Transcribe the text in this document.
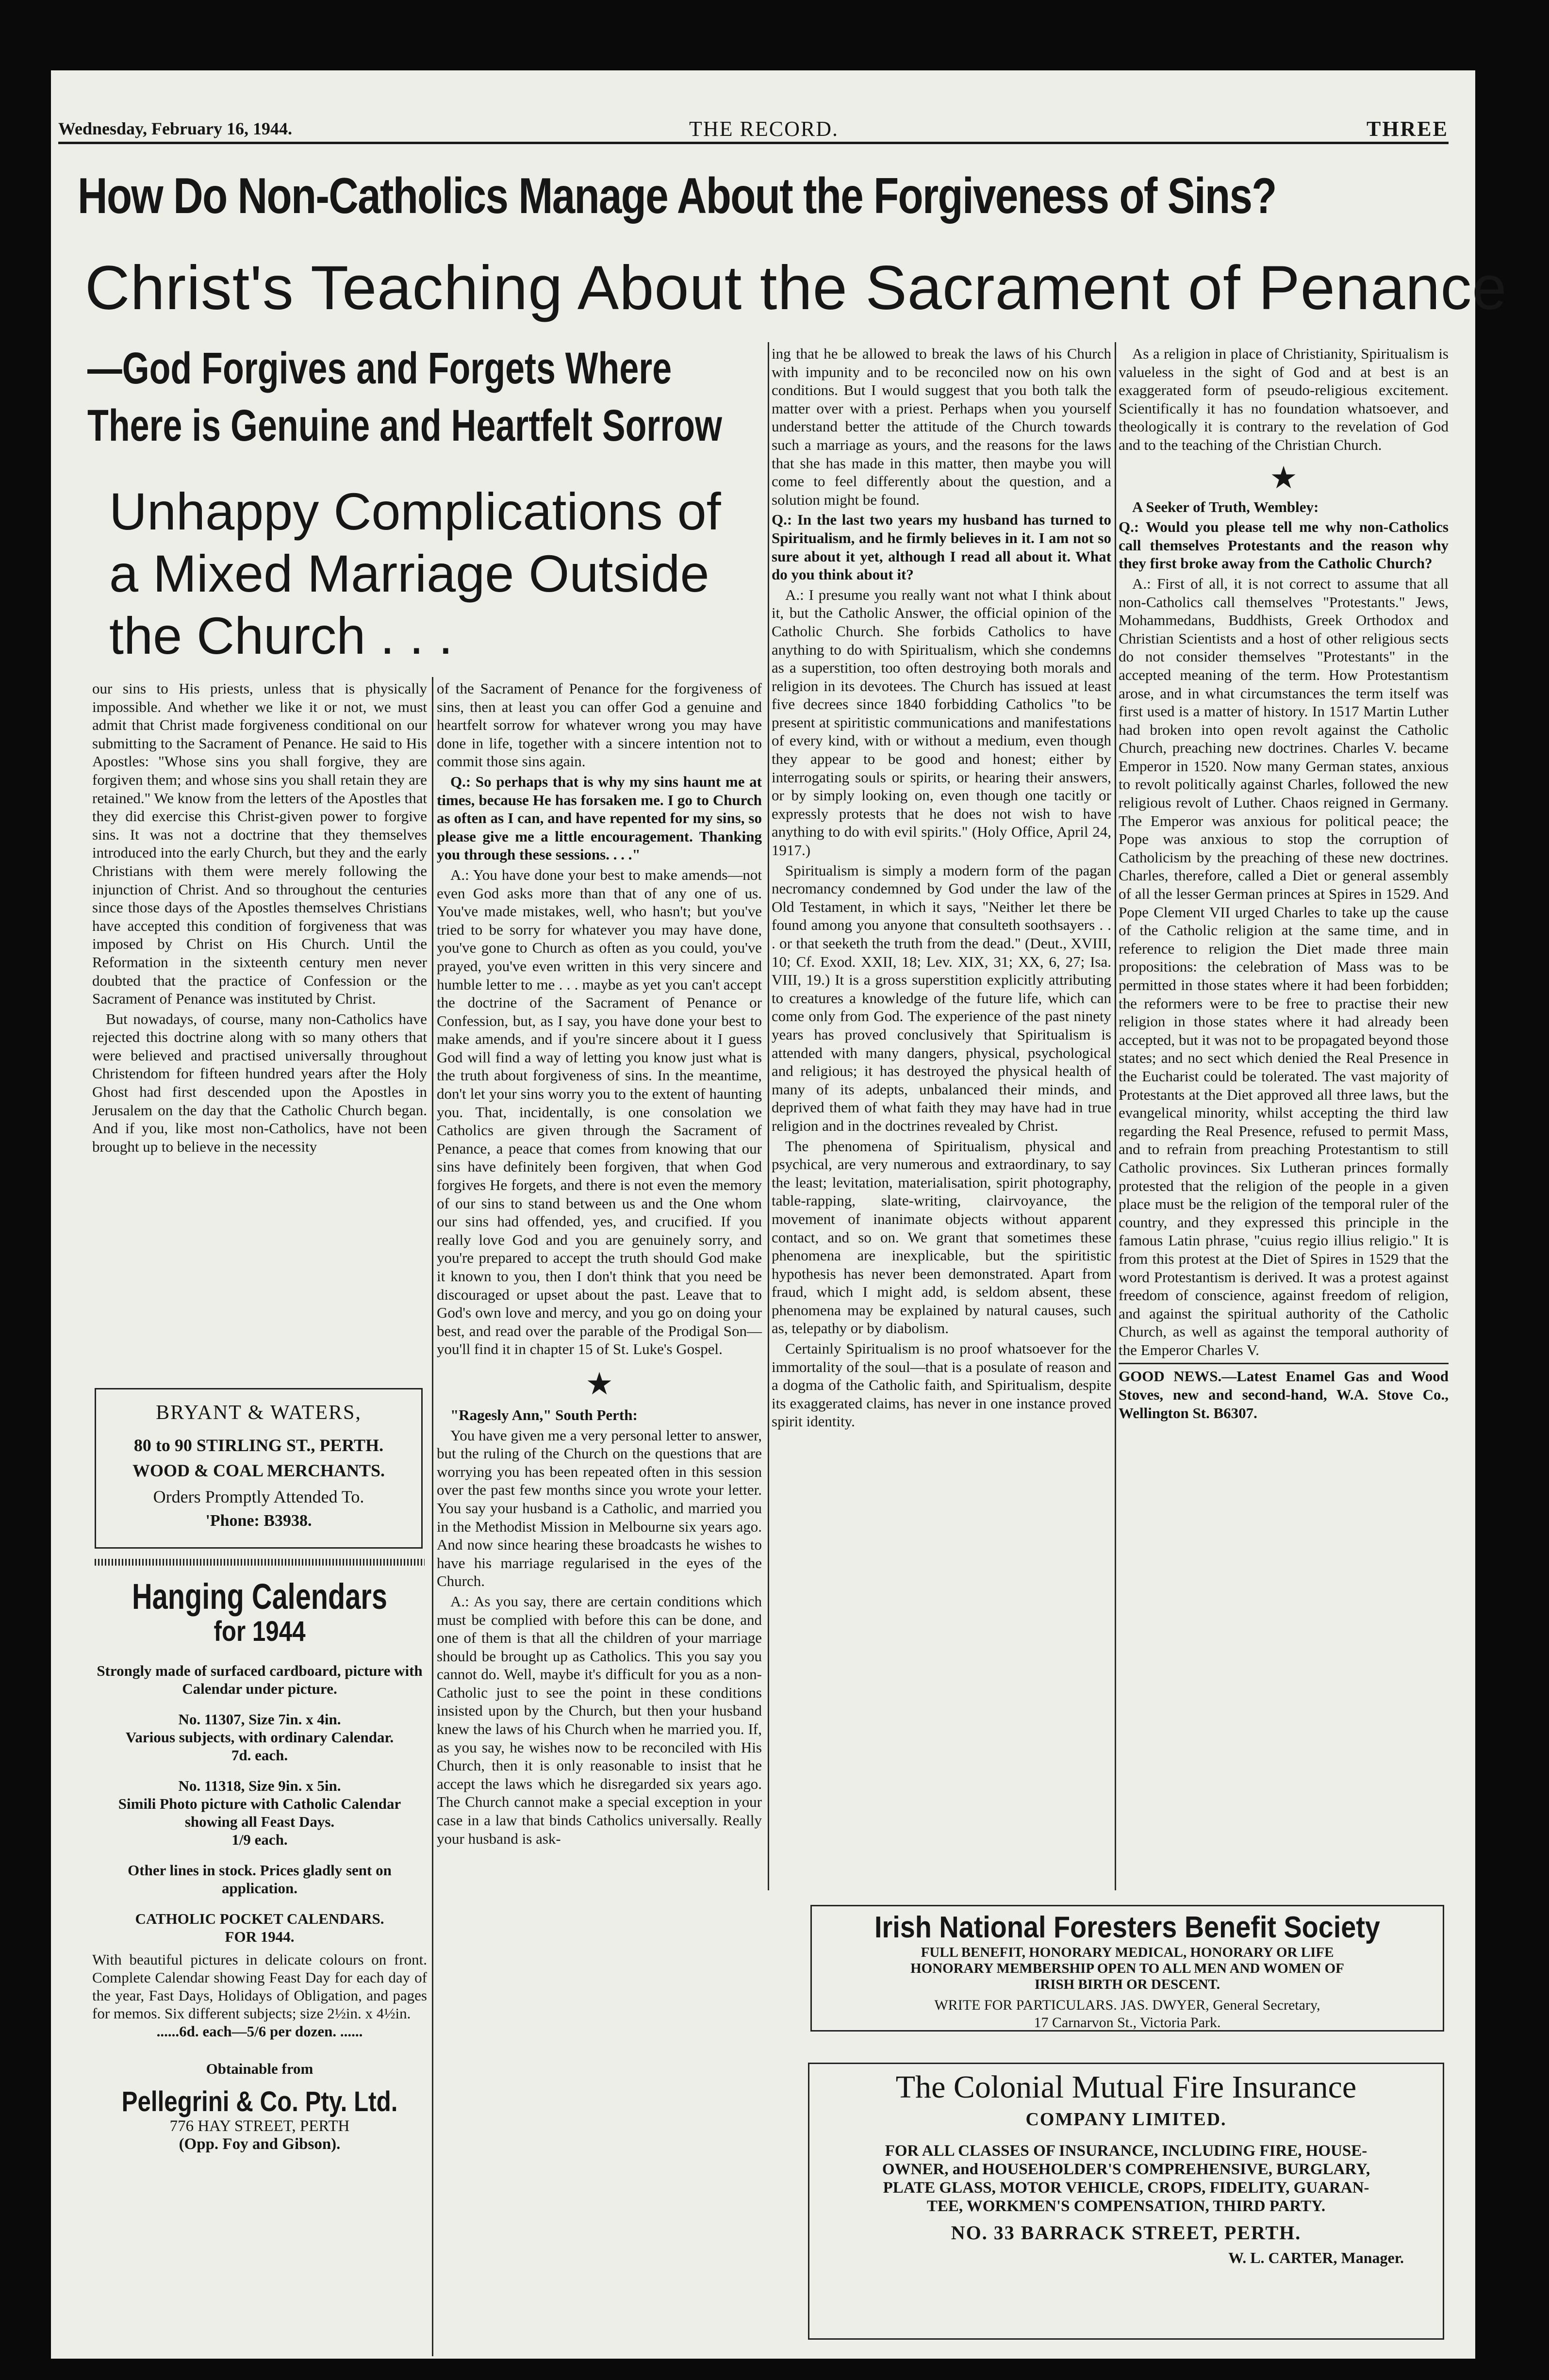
Wednesday, February 16, 1944.	THE RECORD.	THREE
How Do Non-Catholics Manage About the Forgiveness of Sins?
Christ's Teaching About the Sacrament of Penance
—God Forgives and Forgets Where There is Genuine and Heartfelt Sorrow
Unhappy Complications of a Mixed Marriage Outside the Church . . .

our sins to His priests, unless that is physically impossible. And whether we like it or not, we must admit that Christ made forgiveness conditional on our submitting to the Sacrament of Penance. He said to His Apostles: "Whose sins you shall forgive, they are forgiven them; and whose sins you shall retain they are retained." We know from the letters of the Apostles that they did exercise this Christ-given power to forgive sins. It was not a doctrine that they themselves introduced into the early Church, but they and the early Christians with them were merely following the injunction of Christ. And so throughout the centuries since those days of the Apostles themselves Christians have accepted this condition of forgiveness that was imposed by Christ on His Church. Until the Reformation in the sixteenth century men never doubted that the practice of Confession or the Sacrament of Penance was instituted by Christ.

But nowadays, of course, many non-Catholics have rejected this doctrine along with so many others that were believed and practised universally throughout Christendom for fifteen hundred years after the Holy Ghost had first descended upon the Apostles in Jerusalem on the day that the Catholic Church began. And if you, like most non-Catholics, have not been brought up to believe in the necessity

BRYANT & WATERS,
80 to 90 STIRLING ST., PERTH.
WOOD & COAL MERCHANTS.
Orders Promptly Attended To.
'Phone: B3938.
Hanging Calendars
for 1944
Strongly made of surfaced cardboard, picture with Calendar under picture.
No. 11307, Size 7in. x 4in.
Various subjects, with ordinary Calendar.
7d. each.
No. 11318, Size 9in. x 5in.
Simili Photo picture with Catholic Calendar showing all Feast Days.
1/9 each.
Other lines in stock. Prices gladly sent on application.
CATHOLIC POCKET CALENDARS.
FOR 1944.
With beautiful pictures in delicate colours on front. Complete Calendar showing Feast Day for each day of the year, Fast Days, Holidays of Obligation, and pages for memos. Six different subjects; size 2½in. x 4½in.
......6d. each—5/6 per dozen. ......
Obtainable from
Pellegrini & Co. Pty. Ltd.
776 HAY STREET, PERTH
(Opp. Foy and Gibson).

of the Sacrament of Penance for the forgiveness of sins, then at least you can offer God a genuine and heartfelt sorrow for whatever wrong you may have done in life, together with a sincere intention not to commit those sins again.

Q.: So perhaps that is why my sins haunt me at times, because He has forsaken me. I go to Church as often as I can, and have repented for my sins, so please give me a little encouragement. Thanking you through these sessions. . . ."

A.: You have done your best to make amends—not even God asks more than that of any one of us. You've made mistakes, well, who hasn't; but you've tried to be sorry for whatever you may have done, you've gone to Church as often as you could, you've prayed, you've even written in this very sincere and humble letter to me . . . maybe as yet you can't accept the doctrine of the Sacrament of Penance or Confession, but, as I say, you have done your best to make amends, and if you're sincere about it I guess God will find a way of letting you know just what is the truth about forgiveness of sins. In the meantime, don't let your sins worry you to the extent of haunting you. That, incidentally, is one consolation we Catholics are given through the Sacrament of Penance, a peace that comes from knowing that our sins have definitely been forgiven, that when God forgives He forgets, and there is not even the memory of our sins to stand between us and the One whom our sins had offended, yes, and crucified. If you really love God and you are genuinely sorry, and you're prepared to accept the truth should God make it known to you, then I don't think that you need be discouraged or upset about the past. Leave that to God's own love and mercy, and you go on doing your best, and read over the parable of the Prodigal Son—you'll find it in chapter 15 of St. Luke's Gospel.

★

"Ragesly Ann," South Perth:

You have given me a very personal letter to answer, but the ruling of the Church on the questions that are worrying you has been repeated often in this session over the past few months since you wrote your letter. You say your husband is a Catholic, and married you in the Methodist Mission in Melbourne six years ago. And now since hearing these broadcasts he wishes to have his marriage regularised in the eyes of the Church.

A.: As you say, there are certain conditions which must be complied with before this can be done, and one of them is that all the children of your marriage should be brought up as Catholics. This you say you cannot do. Well, maybe it's difficult for you as a non-Catholic just to see the point in these conditions insisted upon by the Church, but then your husband knew the laws of his Church when he married you. If, as you say, he wishes now to be reconciled with His Church, then it is only reasonable to insist that he accept the laws which he disregarded six years ago. The Church cannot make a special exception in your case in a law that binds Catholics universally. Really your husband is ask-

ing that he be allowed to break the laws of his Church with impunity and to be reconciled now on his own conditions. But I would suggest that you both talk the matter over with a priest. Perhaps when you yourself understand better the attitude of the Church towards such a marriage as yours, and the reasons for the laws that she has made in this matter, then maybe you will come to feel differently about the question, and a solution might be found.

Q.: In the last two years my husband has turned to Spiritualism, and he firmly believes in it. I am not so sure about it yet, although I read all about it. What do you think about it?

A.: I presume you really want not what I think about it, but the Catholic Answer, the official opinion of the Catholic Church. She forbids Catholics to have anything to do with Spiritualism, which she condemns as a superstition, too often destroying both morals and religion in its devotees. The Church has issued at least five decrees since 1840 forbidding Catholics "to be present at spiritistic communications and manifestations of every kind, with or without a medium, even though they appear to be good and honest; either by interrogating souls or spirits, or hearing their answers, or by simply looking on, even though one tacitly or expressly protests that he does not wish to have anything to do with evil spirits." (Holy Office, April 24, 1917.)

Spiritualism is simply a modern form of the pagan necromancy condemned by God under the law of the Old Testament, in which it says, "Neither let there be found among you anyone that consulteth soothsayers . . . or that seeketh the truth from the dead." (Deut., XVIII, 10; Cf. Exod. XXII, 18; Lev. XIX, 31; XX, 6, 27; Isa. VIII, 19.) It is a gross superstition explicitly attributing to creatures a knowledge of the future life, which can come only from God. The experience of the past ninety years has proved conclusively that Spiritualism is attended with many dangers, physical, psychological and religious; it has destroyed the physical health of many of its adepts, unbalanced their minds, and deprived them of what faith they may have had in true religion and in the doctrines revealed by Christ.

The phenomena of Spiritualism, physical and psychical, are very numerous and extraordinary, to say the least; levitation, materialisation, spirit photography, table-rapping, slate-writing, clairvoyance, the movement of inanimate objects without apparent contact, and so on. We grant that sometimes these phenomena are inexplicable, but the spiritistic hypothesis has never been demonstrated. Apart from fraud, which I might add, is seldom absent, these phenomena may be explained by natural causes, such as, telepathy or by diabolism.

Certainly Spiritualism is no proof whatsoever for the immortality of the soul—that is a posulate of reason and a dogma of the Catholic faith, and Spiritualism, despite its exaggerated claims, has never in one instance proved spirit identity.

As a religion in place of Christianity, Spiritualism is valueless in the sight of God and at best is an exaggerated form of pseudo-religious excitement. Scientifically it has no foundation whatsoever, and theologically it is contrary to the revelation of God and to the teaching of the Christian Church.

★

A Seeker of Truth, Wembley:

Q.: Would you please tell me why non-Catholics call themselves Protestants and the reason why they first broke away from the Catholic Church?

A.: First of all, it is not correct to assume that all non-Catholics call themselves "Protestants." Jews, Mohammedans, Buddhists, Greek Orthodox and Christian Scientists and a host of other religious sects do not consider themselves "Protestants" in the accepted meaning of the term. How Protestantism arose, and in what circumstances the term itself was first used is a matter of history. In 1517 Martin Luther had broken into open revolt against the Catholic Church, preaching new doctrines. Charles V. became Emperor in 1520. Now many German states, anxious to revolt politically against Charles, followed the new religious revolt of Luther. Chaos reigned in Germany. The Emperor was anxious for political peace; the Pope was anxious to stop the corruption of Catholicism by the preaching of these new doctrines. Charles, therefore, called a Diet or general assembly of all the lesser German princes at Spires in 1529. And Pope Clement VII urged Charles to take up the cause of the Catholic religion at the same time, and in reference to religion the Diet made three main propositions: the celebration of Mass was to be permitted in those states where it had been forbidden; the reformers were to be free to practise their new religion in those states where it had already been accepted, but it was not to be propagated beyond those states; and no sect which denied the Real Presence in the Eucharist could be tolerated. The vast majority of Protestants at the Diet approved all three laws, but the evangelical minority, whilst accepting the third law regarding the Real Presence, refused to permit Mass, and to refrain from preaching Protestantism to still Catholic provinces. Six Lutheran princes formally protested that the religion of the people in a given place must be the religion of the temporal ruler of the country, and they expressed this principle in the famous Latin phrase, "cuius regio illius religio." It is from this protest at the Diet of Spires in 1529 that the word Protestantism is derived. It was a protest against freedom of conscience, against freedom of religion, and against the spiritual authority of the Catholic Church, as well as against the temporal authority of the Emperor Charles V.

GOOD NEWS.—Latest Enamel Gas and Wood Stoves, new and second-hand, W.A. Stove Co., Wellington St. B6307.
Irish National Foresters Benefit Society
FULL BENEFIT, HONORARY MEDICAL, HONORARY OR LIFE
HONORARY MEMBERSHIP OPEN TO ALL MEN AND WOMEN OF
IRISH BIRTH OR DESCENT.
WRITE FOR PARTICULARS. JAS. DWYER, General Secretary,
17 Carnarvon St., Victoria Park.
The Colonial Mutual Fire Insurance
COMPANY LIMITED.
FOR ALL CLASSES OF INSURANCE, INCLUDING FIRE, HOUSE-
OWNER, and HOUSEHOLDER'S COMPREHENSIVE, BURGLARY,
PLATE GLASS, MOTOR VEHICLE, CROPS, FIDELITY, GUARAN-
TEE, WORKMEN'S COMPENSATION, THIRD PARTY.
NO. 33 BARRACK STREET, PERTH.
W. L. CARTER, Manager.
